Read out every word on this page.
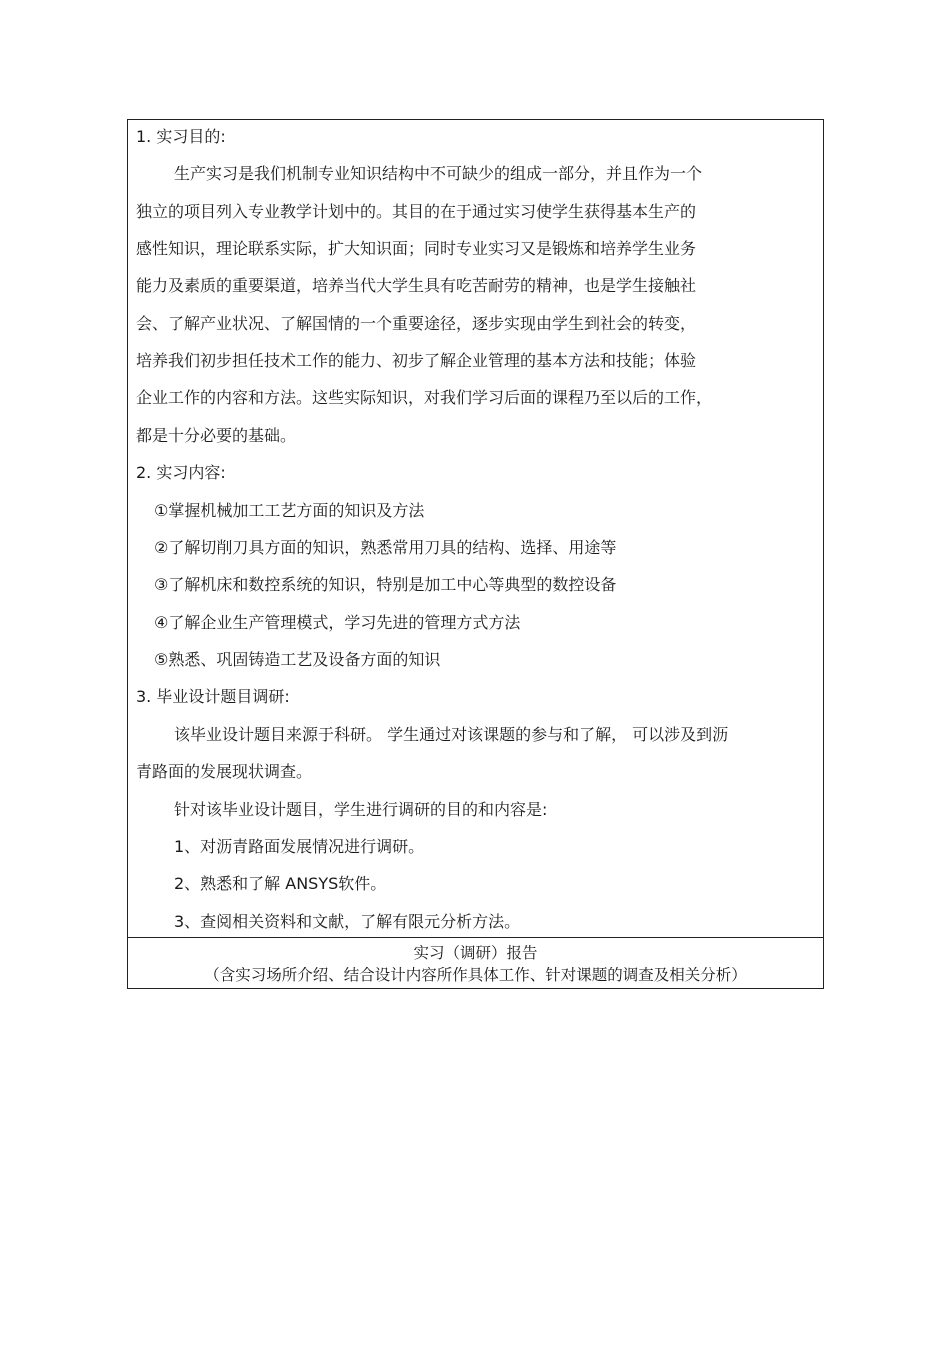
1. 实习目的:
生产实习是我们机制专业知识结构中不可缺少的组成一部分，并且作为一个
独立的项目列入专业教学计划中的。其目的在于通过实习使学生获得基本生产的
感性知识，理论联系实际，扩大知识面；同时专业实习又是锻炼和培养学生业务
能力及素质的重要渠道，培养当代大学生具有吃苦耐劳的精神，也是学生接触社
会、了解产业状况、了解国情的一个重要途径，逐步实现由学生到社会的转变，
培养我们初步担任技术工作的能力、初步了解企业管理的基本方法和技能；体验
企业工作的内容和方法。这些实际知识，对我们学习后面的课程乃至以后的工作，
都是十分必要的基础。
2. 实习内容:
①掌握机械加工工艺方面的知识及方法
②了解切削刀具方面的知识，熟悉常用刀具的结构、选择、用途等
③了解机床和数控系统的知识，特别是加工中心等典型的数控设备
④了解企业生产管理模式，学习先进的管理方式方法
⑤熟悉、巩固铸造工艺及设备方面的知识
3. 毕业设计题目调研:
该毕业设计题目来源于科研。 学生通过对该课题的参与和了解， 可以涉及到沥
青路面的发展现状调查。
针对该毕业设计题目，学生进行调研的目的和内容是:
1、对沥青路面发展情况进行调研。
2、熟悉和了解 ANSYS软件。
3、查阅相关资料和文献，了解有限元分析方法。
实习（调研）报告
（含实习场所介绍、结合设计内容所作具体工作、针对课题的调查及相关分析）
